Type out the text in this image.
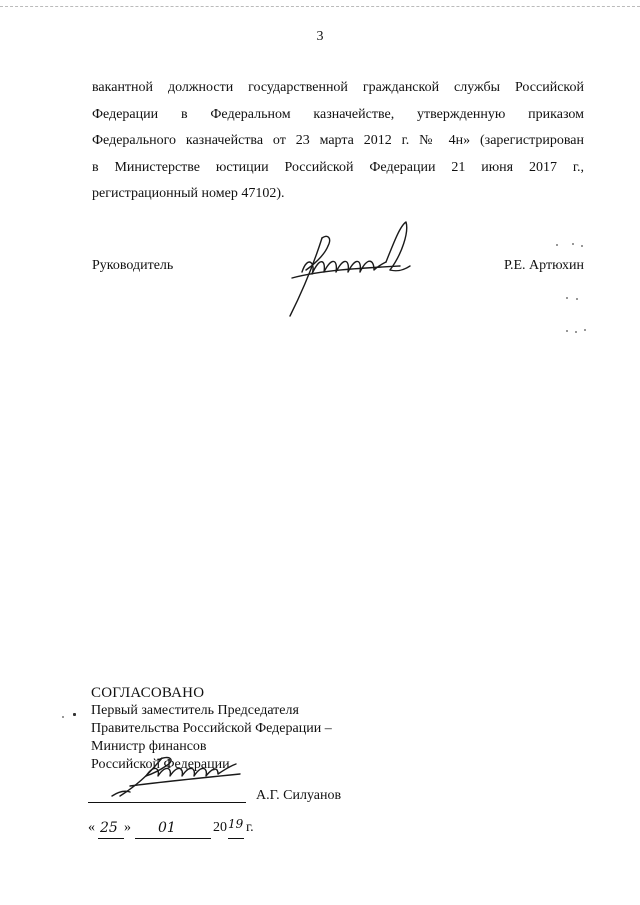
3
вакантной должности государственной гражданской службы Российской
Федерации в Федеральном казначействе, утвержденную приказом
Федерального казначейства от 23 марта 2012 г. № 4н» (зарегистрирован
в Министерстве юстиции Российской Федерации 21 июня 2017 г.,
регистрационный номер 47102).
Руководитель	Р.Е. Артюхин
СОГЛАСОВАНО
Первый заместитель Председателя
Правительства Российской Федерации –
Министр финансов
Российской Федерации
А.Г. Силуанов
« 25 » 01	20 19 г.
